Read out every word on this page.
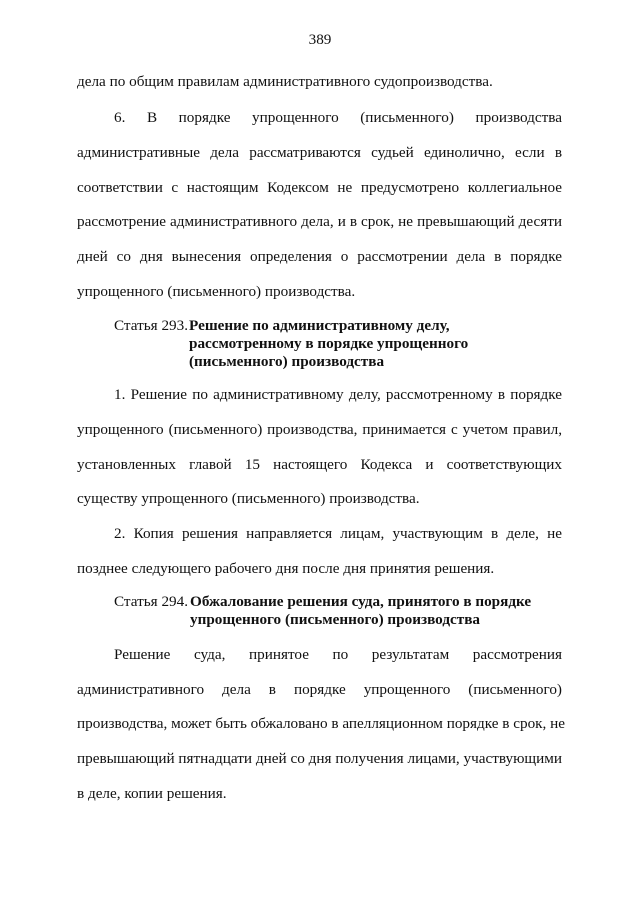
389
дела по общим правилам административного судопроизводства.
6. В порядке упрощенного (письменного) производства
административные дела рассматриваются судьей единолично, если в
соответствии с настоящим Кодексом не предусмотрено коллегиальное
рассмотрение административного дела, и в срок, не превышающий десяти
дней со дня вынесения определения о рассмотрении дела в порядке
упрощенного (письменного) производства.
Статья 293. Решение по административному делу,
рассмотренному в порядке упрощенного
(письменного) производства
1. Решение по административному делу, рассмотренному в порядке
упрощенного (письменного) производства, принимается с учетом правил,
установленных главой 15 настоящего Кодекса и соответствующих
существу упрощенного (письменного) производства.
2. Копия решения направляется лицам, участвующим в деле, не
позднее следующего рабочего дня после дня принятия решения.
Статья 294. Обжалование решения суда, принятого в порядке
упрощенного (письменного) производства
Решение суда, принятое по результатам рассмотрения
административного дела в порядке упрощенного (письменного)
производства, может быть обжаловано в апелляционном порядке в срок, не
превышающий пятнадцати дней со дня получения лицами, участвующими
в деле, копии решения.
